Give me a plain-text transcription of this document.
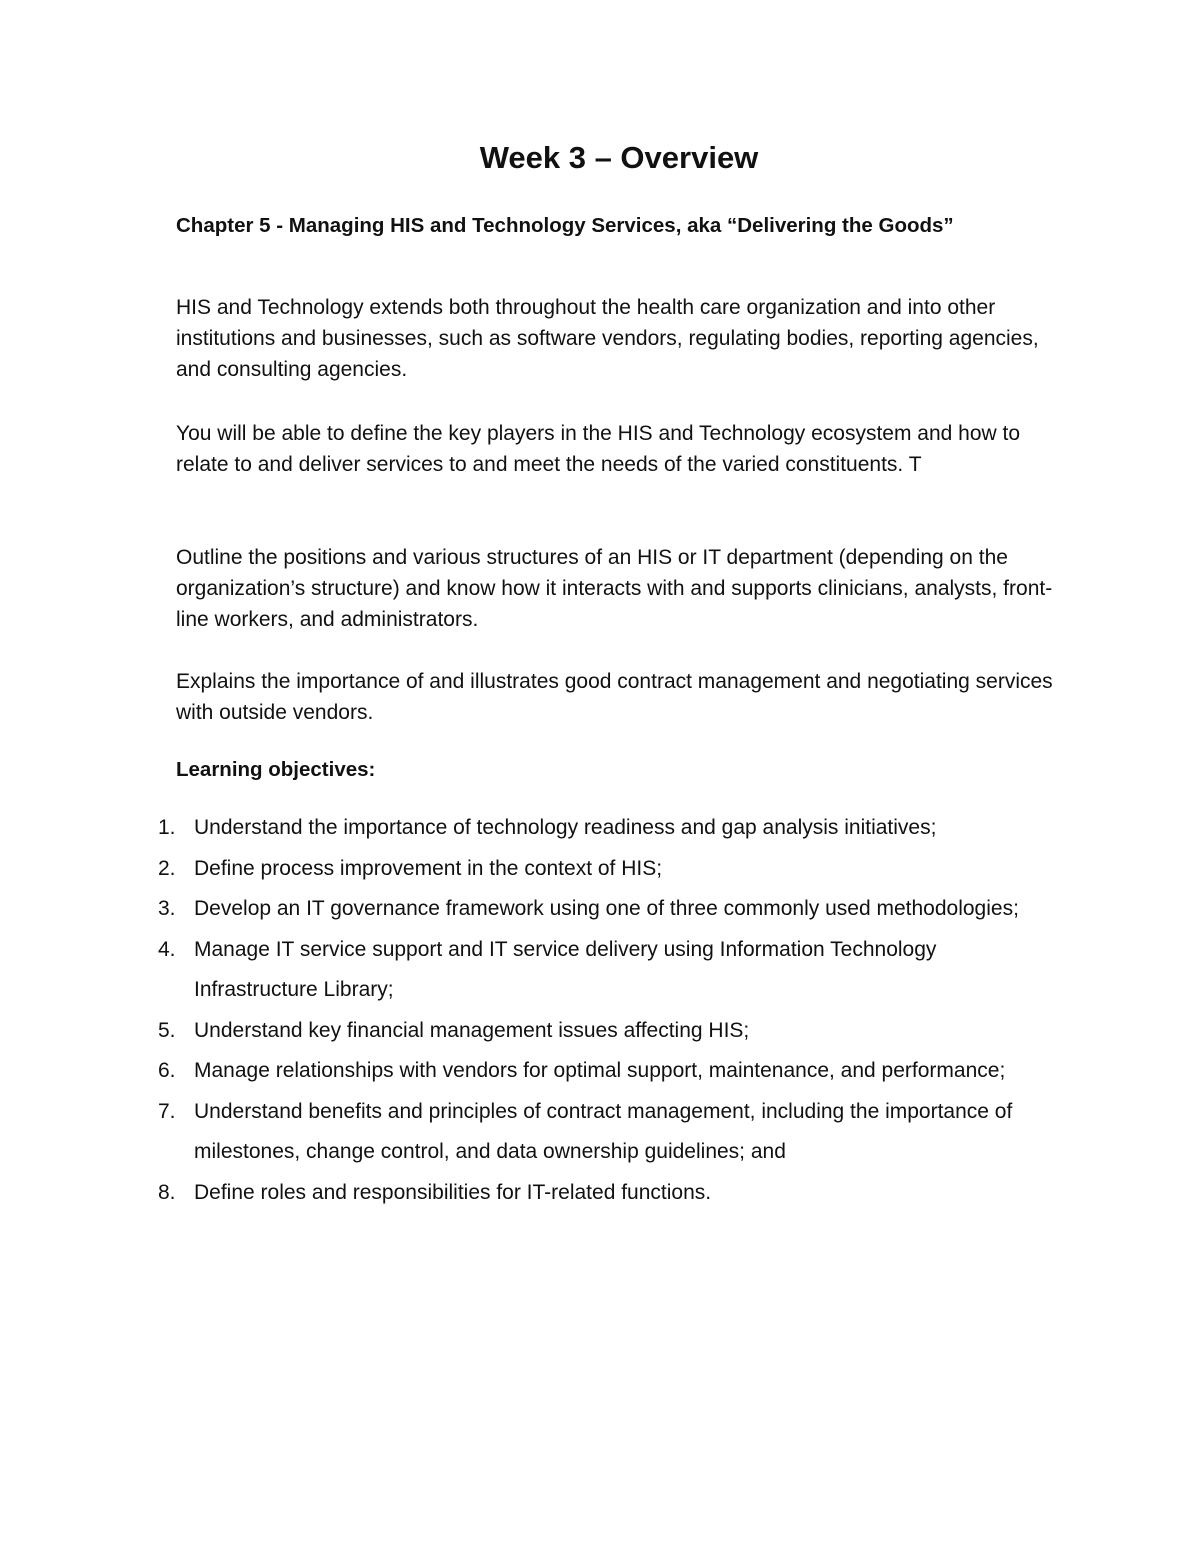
Week 3 – Overview

Chapter 5 - Managing HIS and Technology Services, aka “Delivering the Goods”

HIS and Technology extends both throughout the health care organization and into other institutions and businesses, such as software vendors, regulating bodies, reporting agencies, and consulting agencies.

You will be able to define the key players in the HIS and Technology ecosystem and how to relate to and deliver services to and meet the needs of the varied constituents. T

Outline the positions and various structures of an HIS or IT department (depending on the organization’s structure) and know how it interacts with and supports clinicians, analysts, front-line workers, and administrators.

Explains the importance of and illustrates good contract management and negotiating services with outside vendors.

Learning objectives:

1. Understand the importance of technology readiness and gap analysis initiatives;
2. Define process improvement in the context of HIS;
3. Develop an IT governance framework using one of three commonly used methodologies;
4. Manage IT service support and IT service delivery using Information Technology Infrastructure Library;
5. Understand key financial management issues affecting HIS;
6. Manage relationships with vendors for optimal support, maintenance, and performance;
7. Understand benefits and principles of contract management, including the importance of milestones, change control, and data ownership guidelines; and
8. Define roles and responsibilities for IT-related functions.
